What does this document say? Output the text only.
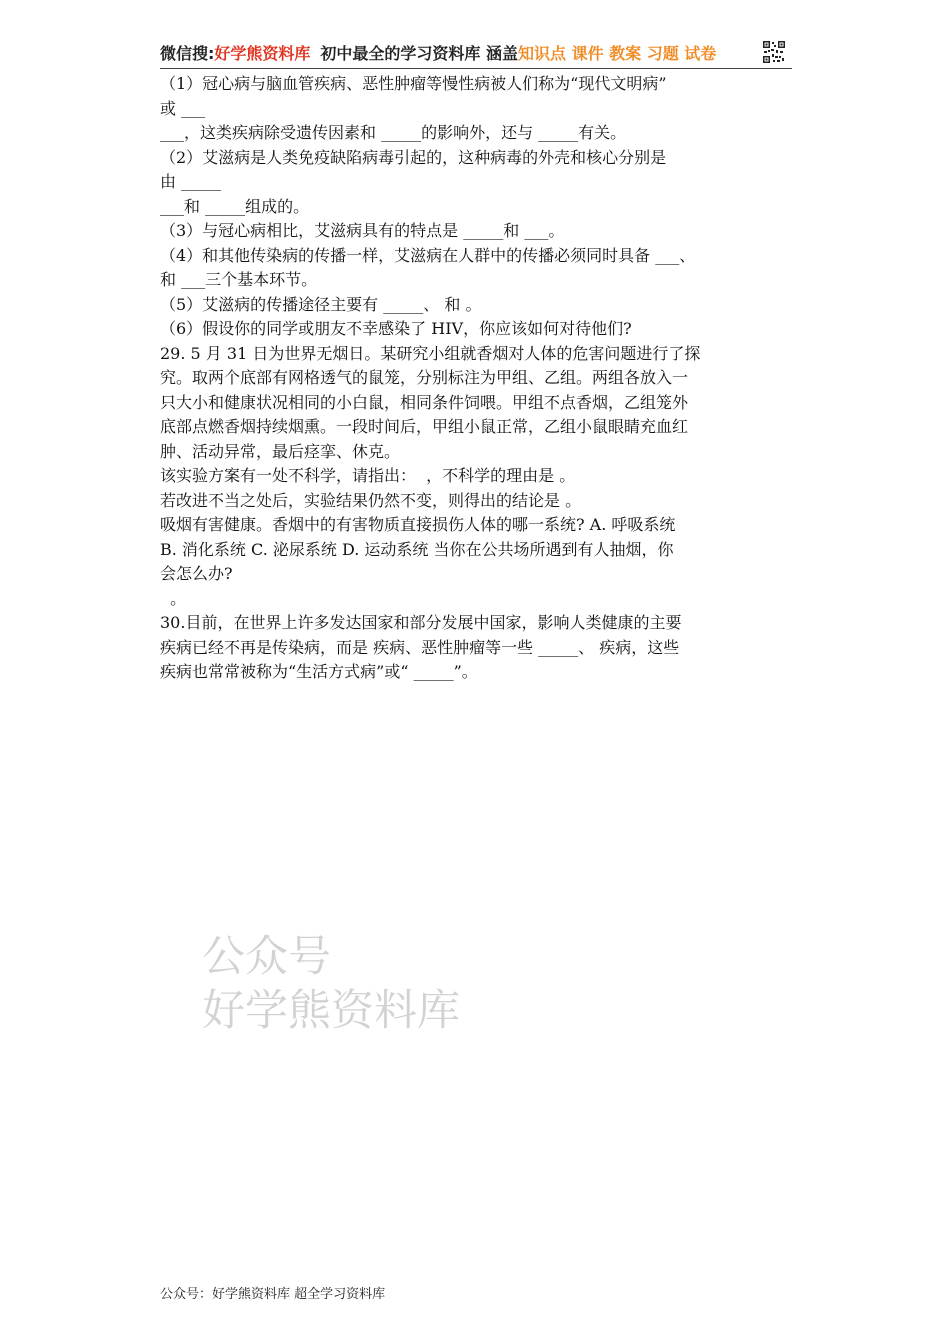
微信搜: 好学熊资料库 初中最全的学习资料库 涵盖 知识点 课件 教案 习题 试卷
（1）冠心病与脑血管疾病、恶性肿瘤等慢性病被人们称为“现代文明病”
或 ___
___，这类疾病除受遗传因素和 _____的影响外，还与 _____有关。
（2）艾滋病是人类免疫缺陷病毒引起的，这种病毒的外壳和核心分别是
由 _____
___和 _____组成的。
（3）与冠心病相比，艾滋病具有的特点是 _____和 ___。
（4）和其他传染病的传播一样，艾滋病在人群中的传播必须同时具备 ___、
和 ___三个基本环节。
（5）艾滋病的传播途径主要有 _____、 和 。
（6）假设你的同学或朋友不幸感染了 HIV，你应该如何对待他们?
29. 5 月 31 日为世界无烟日。某研究小组就香烟对人体的危害问题进行了探
究。取两个底部有网格透气的鼠笼，分别标注为甲组、乙组。两组各放入一
只大小和健康状况相同的小白鼠，相同条件饲喂。甲组不点香烟，乙组笼外
底部点燃香烟持续烟熏。一段时间后，甲组小鼠正常，乙组小鼠眼睛充血红
肿、活动异常，最后痉挛、休克。
该实验方案有一处不科学，请指出：  ，不科学的理由是 。
若改进不当之处后，实验结果仍然不变，则得出的结论是 。
吸烟有害健康。香烟中的有害物质直接损伤人体的哪一系统? A. 呼吸系统
B. 消化系统 C. 泌尿系统 D. 运动系统 当你在公共场所遇到有人抽烟，你
会怎么办?
。
30.目前，在世界上许多发达国家和部分发展中国家，影响人类健康的主要
疾病已经不再是传染病，而是 疾病、恶性肿瘤等一些 _____、 疾病，这些
疾病也常常被称为“生活方式病”或“ _____”。
公众号
好学熊资料库
公众号：好学熊资料库 超全学习资料库
